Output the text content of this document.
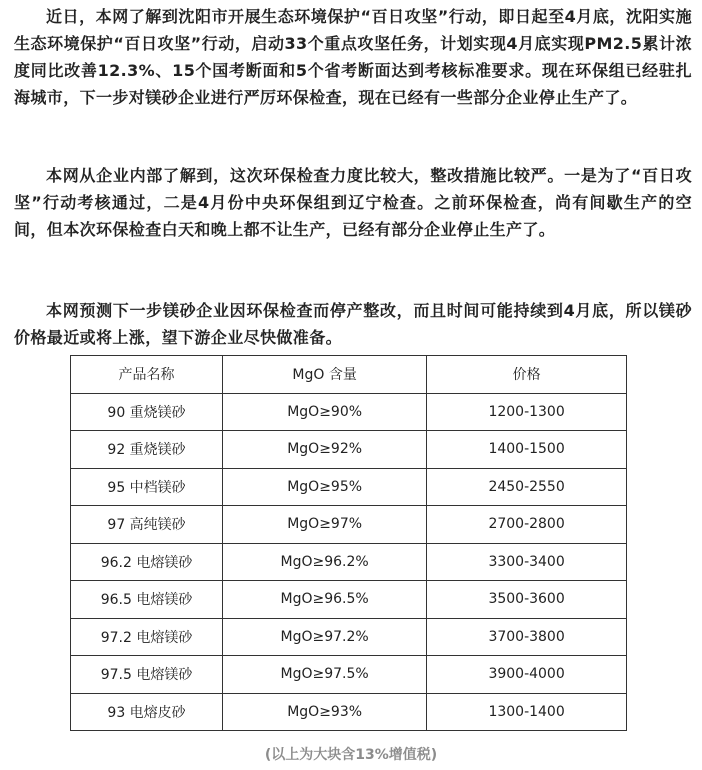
近日，本网了解到沈阳市开展生态环境保护“百日攻坚”行动，即日起至4月底，沈阳实施生态环境保护“百日攻坚”行动，启动33个重点攻坚任务，计划实现4月底实现PM2.5累计浓度同比改善12.3%、15个国考断面和5个省考断面达到考核标准要求。现在环保组已经驻扎海城市，下一步对镁砂企业进行严厉环保检查，现在已经有一些部分企业停止生产了。

本网从企业内部了解到，这次环保检查力度比较大，整改措施比较严。一是为了“百日攻坚”行动考核通过，二是4月份中央环保组到辽宁检查。之前环保检查，尚有间歇生产的空间，但本次环保检查白天和晚上都不让生产，已经有部分企业停止生产了。

本网预测下一步镁砂企业因环保检查而停产整改，而且时间可能持续到4月底，所以镁砂价格最近或将上涨，望下游企业尽快做准备。

产品名称	MgO 含量	价格
90 重烧镁砂	MgO≥90%	1200-1300
92 重烧镁砂	MgO≥92%	1400-1500
95 中档镁砂	MgO≥95%	2450-2550
97 高纯镁砂	MgO≥97%	2700-2800
96.2 电熔镁砂	MgO≥96.2%	3300-3400
96.5 电熔镁砂	MgO≥96.5%	3500-3600
97.2 电熔镁砂	MgO≥97.2%	3700-3800
97.5 电熔镁砂	MgO≥97.5%	3900-4000
93 电熔皮砂	MgO≥93%	1300-1400
(以上为大块含13%增值税)
